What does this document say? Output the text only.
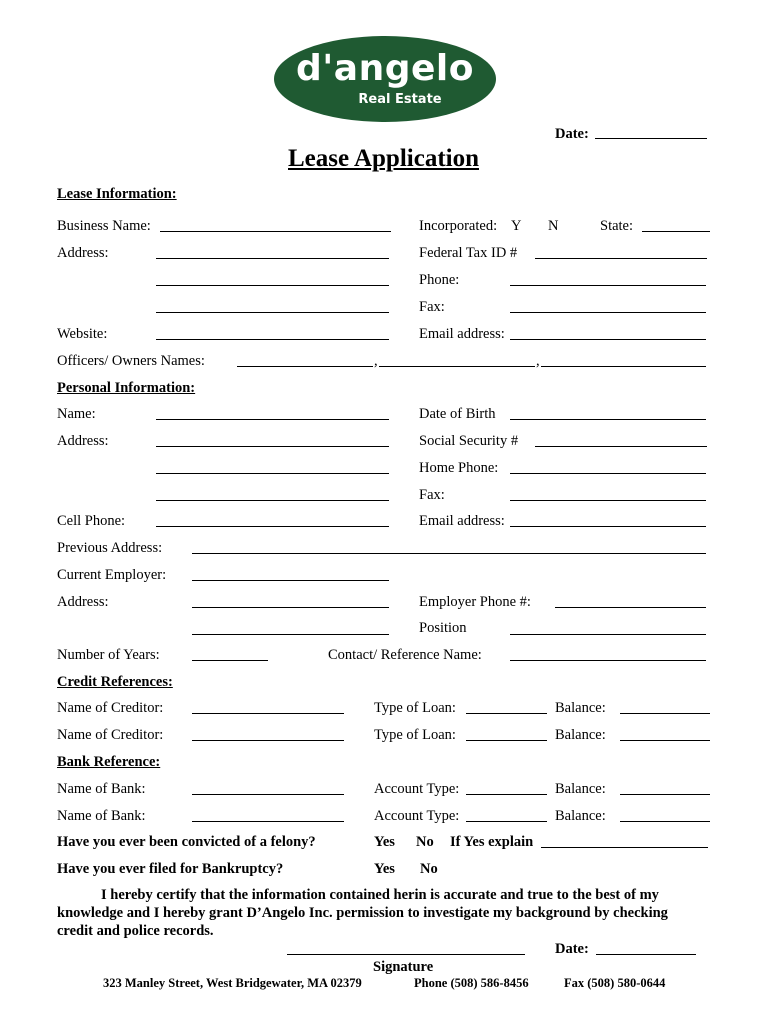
d'angelo
Real Estate
Date:
Lease Application
Lease Information:
Business Name:	Incorporated: Y N	State:
Address:	Federal Tax ID #
Phone:
Fax:
Website:	Email address:
Officers/ Owners Names:	,	,
Personal Information:
Name:	Date of Birth
Address:	Social Security #
Home Phone:
Fax:
Cell Phone:	Email address:
Previous Address:
Current Employer:
Address:	Employer Phone #:
Position
Number of Years:	Contact/ Reference Name:
Credit References:
Name of Creditor:	Type of Loan:	Balance:
Name of Creditor:	Type of Loan:	Balance:
Bank Reference:
Name of Bank:	Account Type:	Balance:
Name of Bank:	Account Type:	Balance:
Have you ever been convicted of a felony?	Yes No If Yes explain
Have you ever filed for Bankruptcy?	Yes No
I hereby certify that the information contained herin is accurate and true to the best of my knowledge and I hereby grant D’Angelo Inc. permission to investigate my background by checking credit and police records.
Date:
Signature
323 Manley Street, West Bridgewater, MA 02379	Phone (508) 586-8456	Fax (508) 580-0644
